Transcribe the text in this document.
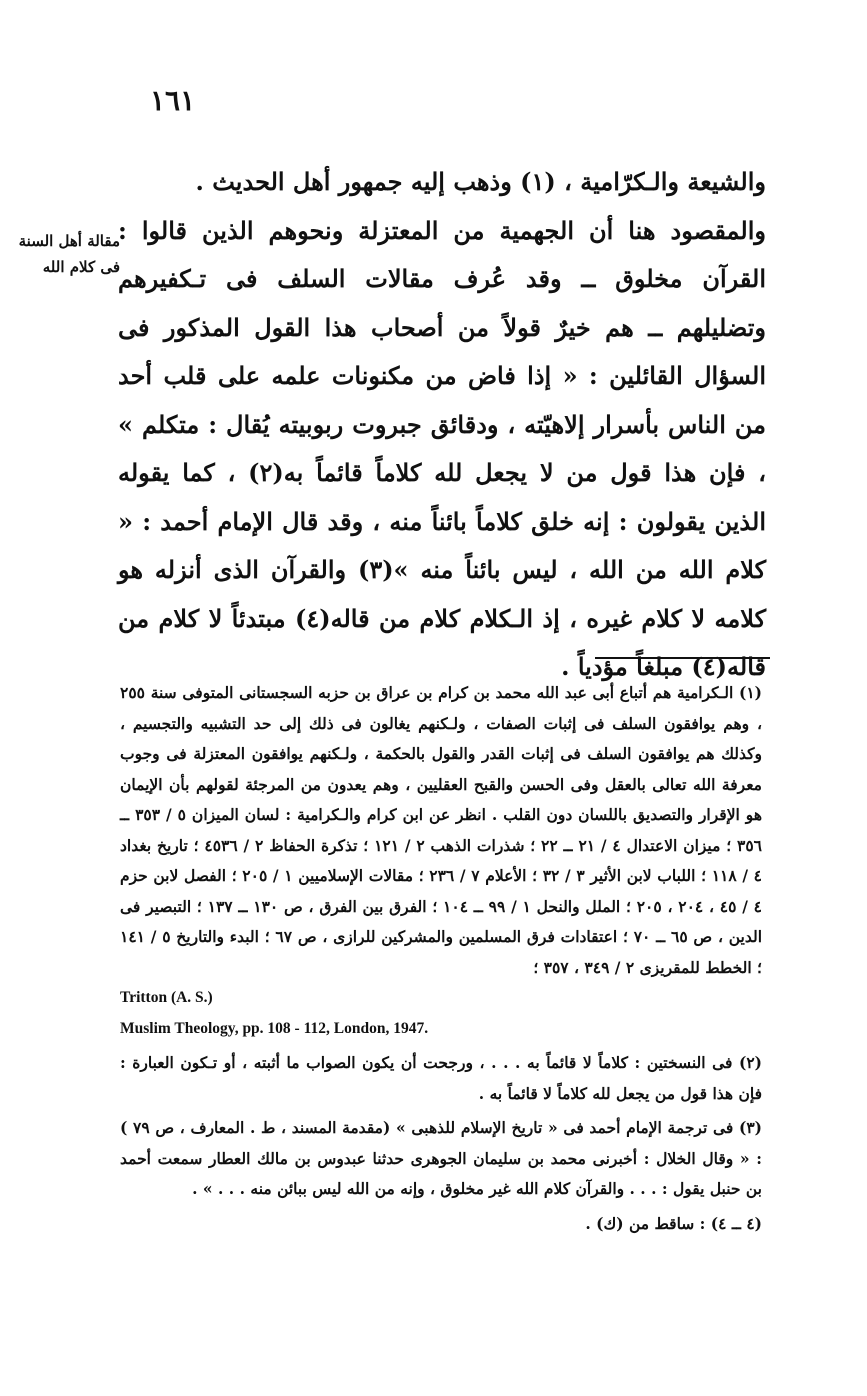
١٦١
مقالة أهل السنة
فى كلام الله

والشيعة والـكرّامية ، (١) وذهب إليه جمهور أهل الحديث .

والمقصود هنا أن الجهمية من المعتزلة ونحوهم الذين قالوا : القرآن مخلوق ــ وقد عُرف مقالات السلف فى تـكفيرهم وتضليلهم ــ هم خيرٌ قولاً من أصحاب هذا القول المذكور فى السؤال القائلين : « إذا فاض من مكنونات علمه على قلب أحد من الناس بأسرار إلاهيّته ، ودقائق جبروت ربوبيته يُقال : متكلم » ، فإن هذا قول من لا يجعل لله كلاماً قائماً به(٢) ، كما يقوله الذين يقولون : إنه خلق كلاماً بائناً منه ، وقد قال الإمام أحمد : « كلام الله من الله ، ليس بائناً منه »(٣) والقرآن الذى أنزله هو كلامه لا كلام غيره ، إذ الـكلام كلام من قاله(٤) مبتدئاً لا كلام من قاله(٤) مبلغاً مؤدياً .

(١) الـكرامية هم أتباع أبى عبد الله محمد بن كرام بن عراق بن حزبه السجستانى المتوفى سنة ٢٥٥ ، وهم يوافقون السلف فى إثبات الصفات ، ولـكنهم يغالون فى ذلك إلى حد التشبيه والتجسيم ، وكذلك هم يوافقون السلف فى إثبات القدر والقول بالحكمة ، ولـكنهم يوافقون المعتزلة فى وجوب معرفة الله تعالى بالعقل وفى الحسن والقبح العقليين ، وهم يعدون من المرجئة لقولهم بأن الإيمان هو الإقرار والتصديق باللسان دون القلب . انظر عن ابن كرام والـكرامية : لسان الميزان ٥ / ٣٥٣ ــ ٣٥٦ ؛ ميزان الاعتدال ٤ / ٢١ ــ ٢٢ ؛ شذرات الذهب ٢ / ١٢١ ؛ تذكرة الحفاظ ٢ / ٤٥٣٦ ؛ تاريخ بغداد ٤ / ١١٨ ؛ اللباب لابن الأثير ٣ / ٣٢ ؛ الأعلام ٧ / ٢٣٦ ؛ مقالات الإسلاميين ١ / ٢٠٥ ؛ الفصل لابن حزم ٤ / ٤٥ ، ٢٠٤ ، ٢٠٥ ؛ الملل والنحل ١ / ٩٩ ــ ١٠٤ ؛ الفرق بين الفرق ، ص ١٣٠ ــ ١٣٧ ؛ التبصير فى الدين ، ص ٦٥ ــ ٧٠ ؛ اعتقادات فرق المسلمين والمشركين للرازى ، ص ٦٧ ؛ البدء والتاريخ ٥ / ١٤١ ؛ الخطط للمقريزى ٢ / ٣٤٩ ، ٣٥٧ ؛

Tritton (A. S.)

Muslim Theology, pp. 108 - 112, London, 1947.

(٢) فى النسختين : كلاماً لا قائماً به . . . ، ورجحت أن يكون الصواب ما أثبته ، أو تـكون العبارة : فإن هذا قول من يجعل لله كلاماً لا قائماً به .

(٣) فى ترجمة الإمام أحمد فى « تاريخ الإسلام للذهبى » (مقدمة المسند ، ط . المعارف ، ص ٧٩ ) : « وقال الخلال : أخبرنى محمد بن سليمان الجوهرى حدثنا عبدوس بن مالك العطار سمعت أحمد بن حنبل يقول : . . . والقرآن كلام الله غير مخلوق ، وإنه من الله ليس ببائن منه . . . » .

(٤ ــ ٤) : ساقط من (ك) .
